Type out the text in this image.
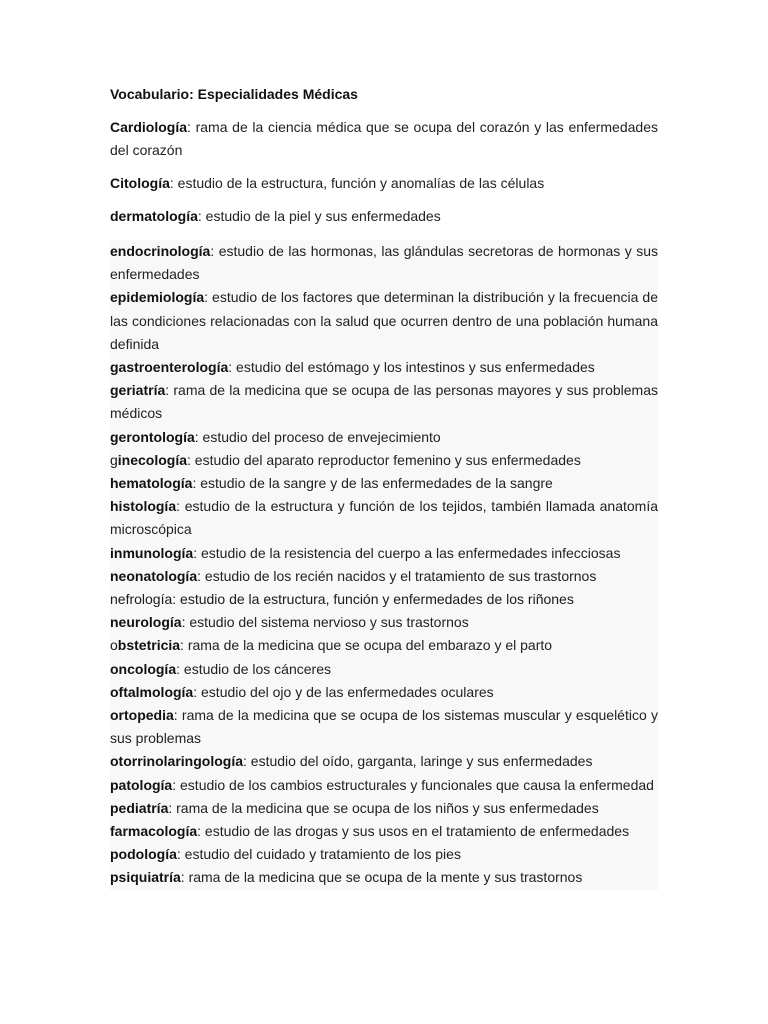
Vocabulario: Especialidades Médicas

Cardiología: rama de la ciencia médica que se ocupa del corazón y las enfermedades del corazón

Citología: estudio de la estructura, función y anomalías de las células

dermatología: estudio de la piel y sus enfermedades

endocrinología: estudio de las hormonas, las glándulas secretoras de hormonas y sus enfermedades

epidemiología: estudio de los factores que determinan la distribución y la frecuencia de las condiciones relacionadas con la salud que ocurren dentro de una población humana definida

gastroenterología: estudio del estómago y los intestinos y sus enfermedades

geriatría: rama de la medicina que se ocupa de las personas mayores y sus problemas médicos

gerontología: estudio del proceso de envejecimiento

ginecología: estudio del aparato reproductor femenino y sus enfermedades

hematología: estudio de la sangre y de las enfermedades de la sangre

histología: estudio de la estructura y función de los tejidos, también llamada anatomía microscópica

inmunología: estudio de la resistencia del cuerpo a las enfermedades infecciosas

neonatología: estudio de los recién nacidos y el tratamiento de sus trastornos

nefrología: estudio de la estructura, función y enfermedades de los riñones

neurología: estudio del sistema nervioso y sus trastornos

obstetricia: rama de la medicina que se ocupa del embarazo y el parto

oncología: estudio de los cánceres

oftalmología: estudio del ojo y de las enfermedades oculares

ortopedia: rama de la medicina que se ocupa de los sistemas muscular y esquelético y sus problemas

otorrinolaringología: estudio del oído, garganta, laringe y sus enfermedades

patología: estudio de los cambios estructurales y funcionales que causa la enfermedad

pediatría: rama de la medicina que se ocupa de los niños y sus enfermedades

farmacología: estudio de las drogas y sus usos en el tratamiento de enfermedades

podología: estudio del cuidado y tratamiento de los pies

psiquiatría: rama de la medicina que se ocupa de la mente y sus trastornos
